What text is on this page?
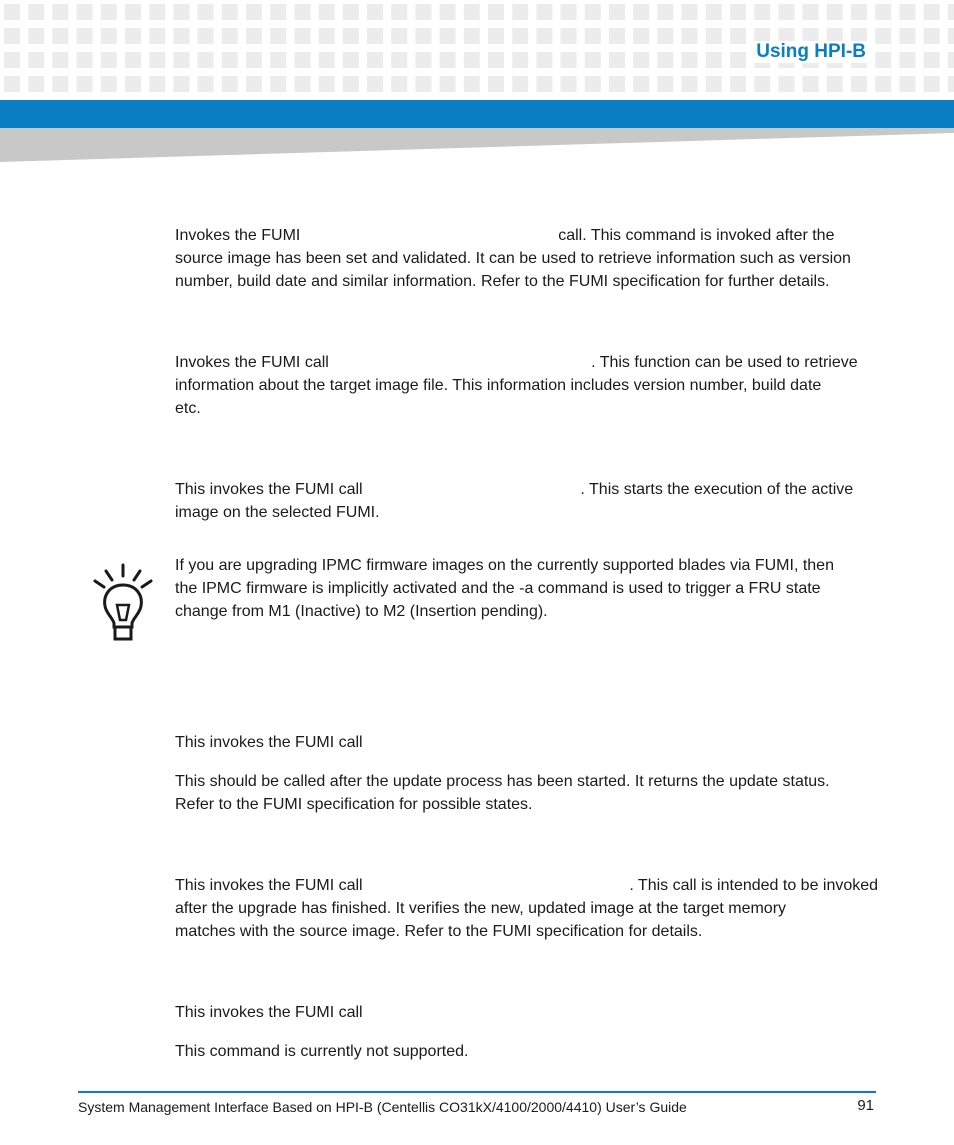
Using HPI-B

Invokes the FUMI                                                          call. This command is invoked after the
source image has been set and validated. It can be used to retrieve information such as version
number, build date and similar information. Refer to the FUMI specification for further details.

Invokes the FUMI call                                                           . This function can be used to retrieve
information about the target image file. This information includes version number, build date
etc.

This invokes the FUMI call                                                 . This starts the execution of the active
image on the selected FUMI.

If you are upgrading IPMC firmware images on the currently supported blades via FUMI, then
the IPMC firmware is implicitly activated and the -a command is used to trigger a FRU state
change from M1 (Inactive) to M2 (Insertion pending).

This invokes the FUMI call

This should be called after the update process has been started. It returns the update status.
Refer to the FUMI specification for possible states.

This invokes the FUMI call                                                            . This call is intended to be invoked
after the upgrade has finished. It verifies the new, updated image at the target memory
matches with the source image. Refer to the FUMI specification for details.

This invokes the FUMI call

This command is currently not supported.

System Management Interface Based on HPI-B (Centellis CO31kX/4100/2000/4410) User’s Guide	91
